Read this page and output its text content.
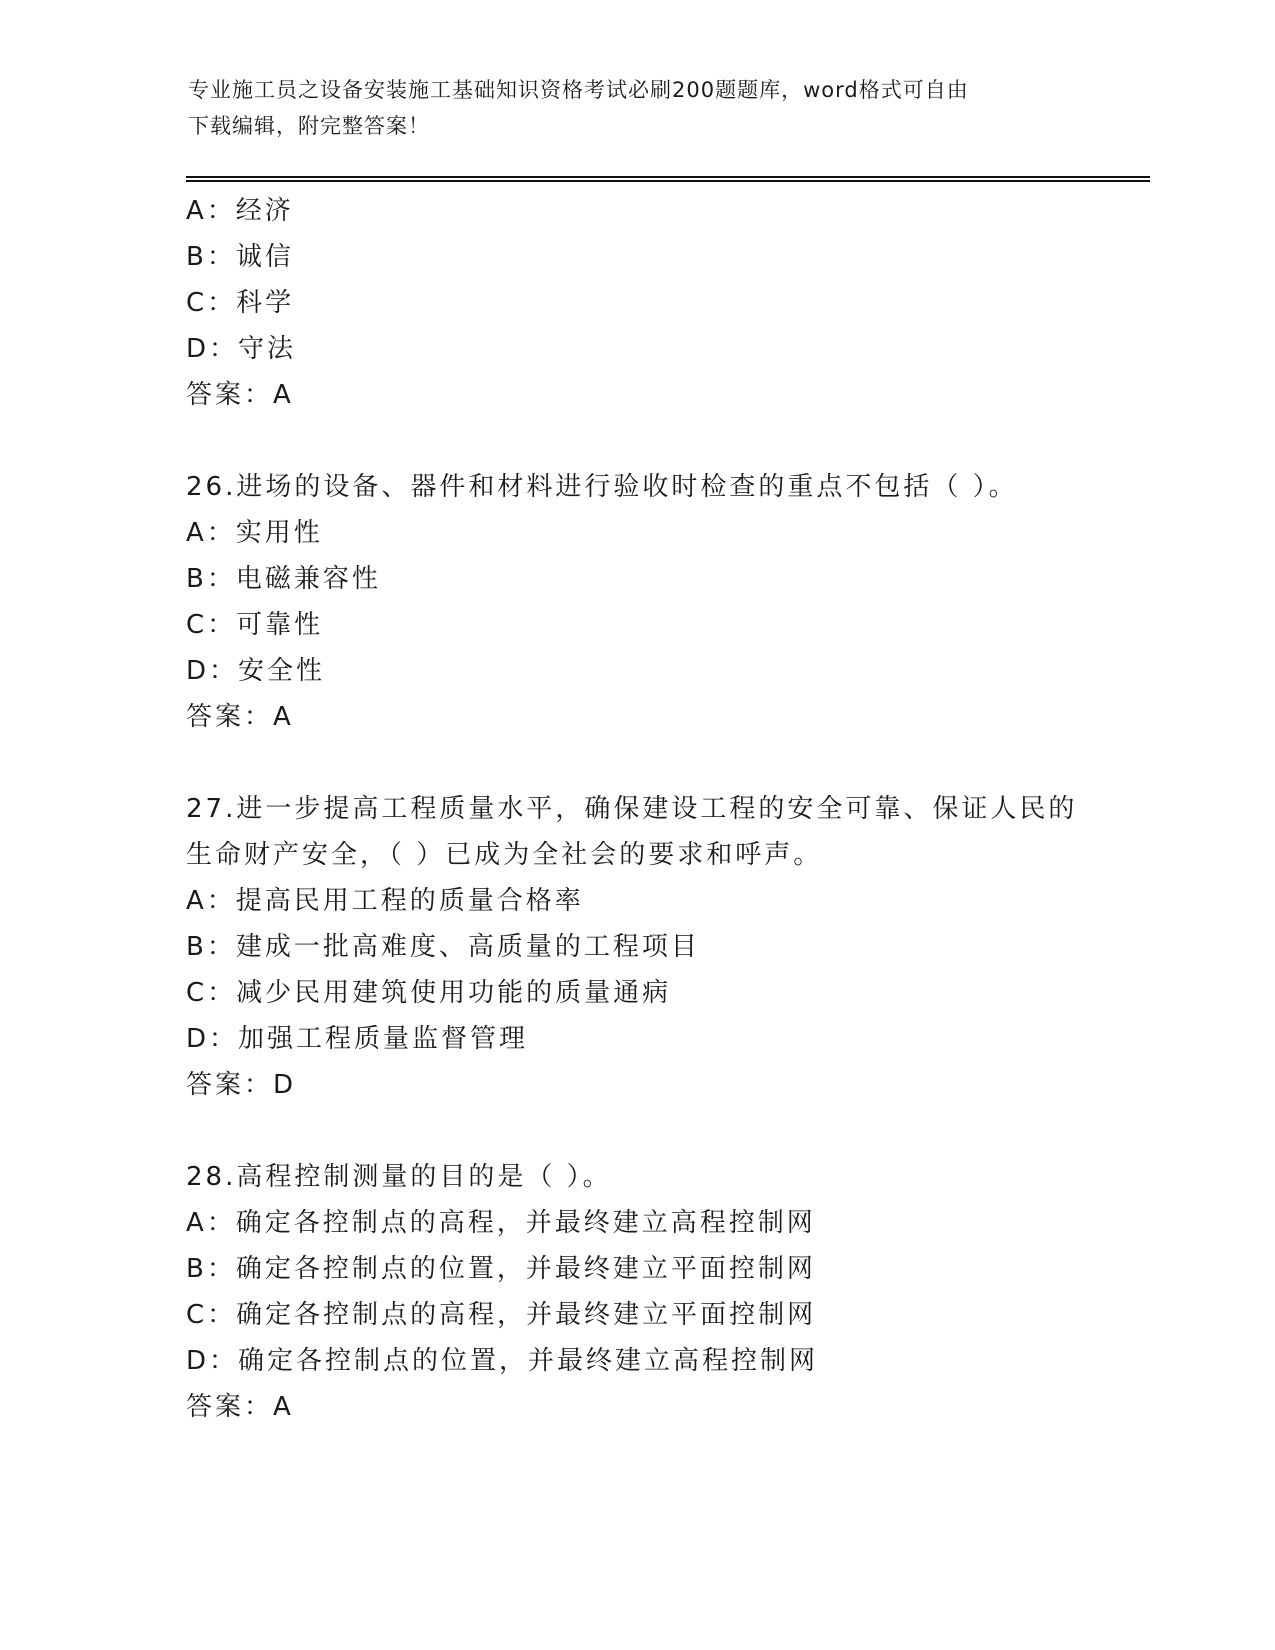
专业施工员之设备安装施工基础知识资格考试必刷200题题库，word格式可自由
下载编辑，附完整答案！
A：经济
B：诚信
C：科学
D：守法
答案：A
26.进场的设备、器件和材料进行验收时检查的重点不包括（ ）。
A：实用性
B：电磁兼容性
C：可靠性
D：安全性
答案：A
27.进一步提高工程质量水平，确保建设工程的安全可靠、保证人民的
生命财产安全，（ ）已成为全社会的要求和呼声。
A：提高民用工程的质量合格率
B：建成一批高难度、高质量的工程项目
C：减少民用建筑使用功能的质量通病
D：加强工程质量监督管理
答案：D
28.高程控制测量的目的是（ ）。
A：确定各控制点的高程，并最终建立高程控制网
B：确定各控制点的位置，并最终建立平面控制网
C：确定各控制点的高程，并最终建立平面控制网
D：确定各控制点的位置，并最终建立高程控制网
答案：A
